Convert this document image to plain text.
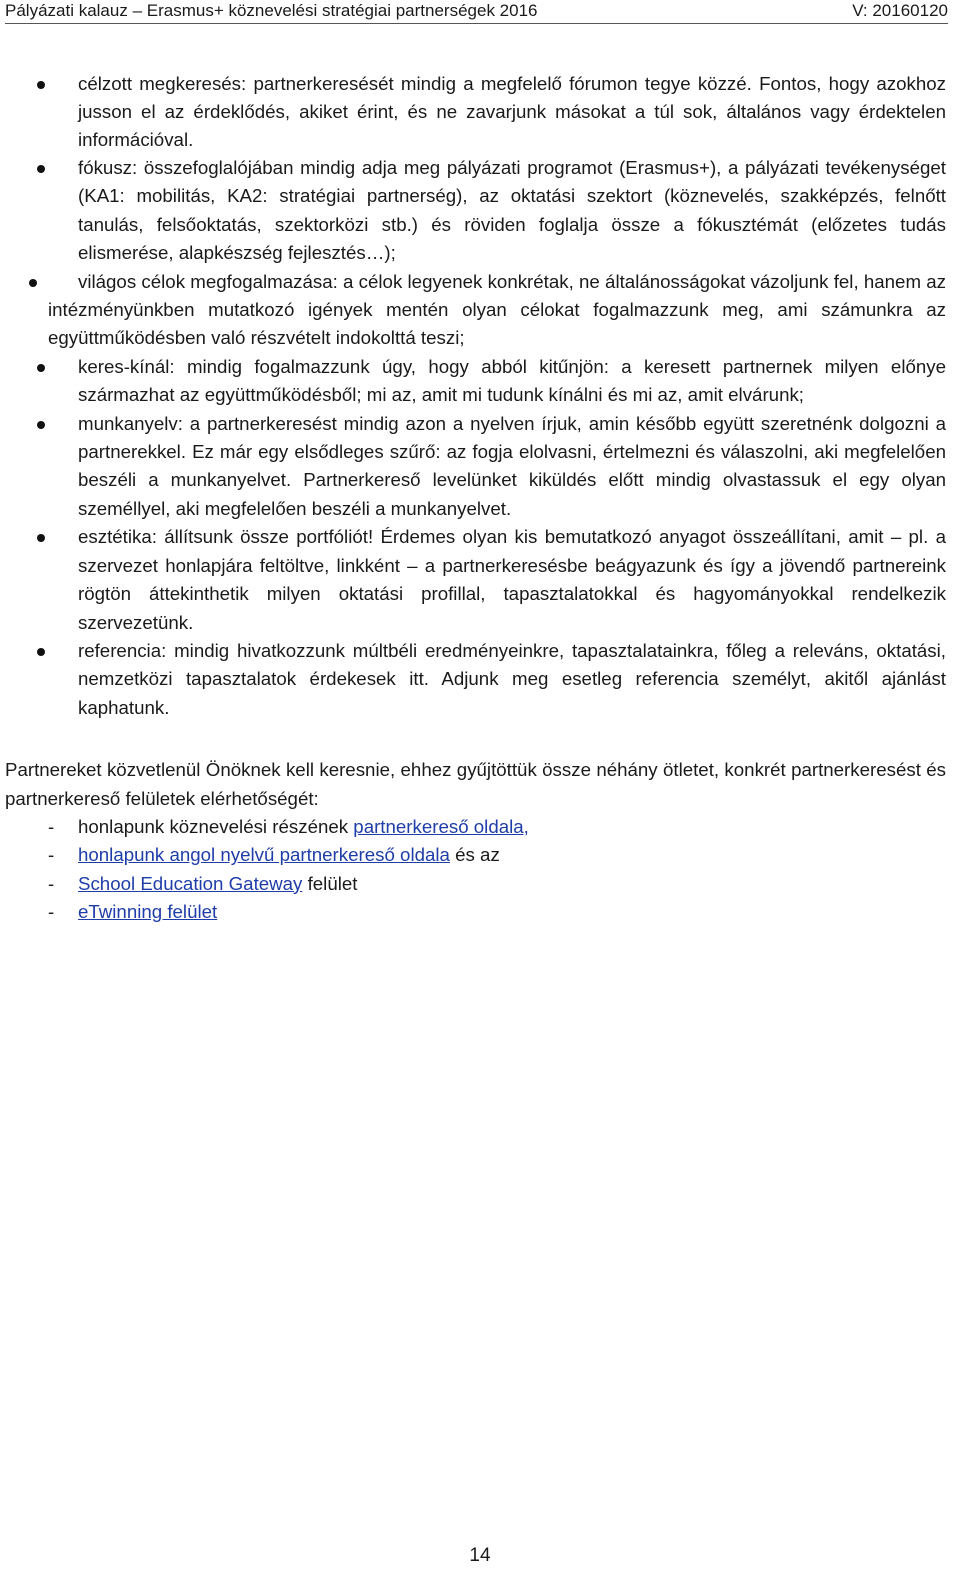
Pályázati kalauz – Erasmus+ köznevelési stratégiai partnerségek 2016	V: 20160120
célzott megkeresés: partnerkeresését mindig a megfelelő fórumon tegye közzé. Fontos, hogy azokhoz jusson el az érdeklődés, akiket érint, és ne zavarjunk másokat a túl sok, általános vagy érdektelen információval.
fókusz: összefoglalójában mindig adja meg pályázati programot (Erasmus+), a pályázati tevékenységet (KA1: mobilitás, KA2: stratégiai partnerség), az oktatási szektort (köznevelés, szakképzés, felnőtt tanulás, felsőoktatás, szektorközi stb.) és röviden foglalja össze a fókusztémát (előzetes tudás elismerése, alapkészség fejlesztés…);
világos célok megfogalmazása: a célok legyenek konkrétak, ne általánosságokat vázoljunk fel, hanem az intézményünkben mutatkozó igények mentén olyan célokat fogalmazzunk meg, ami számunkra az együttműködésben való részvételt indokolttá teszi;
keres-kínál: mindig fogalmazzunk úgy, hogy abból kitűnjön: a keresett partnernek milyen előnye származhat az együttműködésből; mi az, amit mi tudunk kínálni és mi az, amit elvárunk;
munkanyelv: a partnerkeresést mindig azon a nyelven írjuk, amin később együtt szeretnénk dolgozni a partnerekkel. Ez már egy elsődleges szűrő: az fogja elolvasni, értelmezni és válaszolni, aki megfelelően beszéli a munkanyelvet. Partnerkereső levelünket kiküldés előtt mindig olvastassuk el egy olyan személlyel, aki megfelelően beszéli a munkanyelvet.
esztétika: állítsunk össze portfóliót! Érdemes olyan kis bemutatkozó anyagot összeállítani, amit – pl. a szervezet honlapjára feltöltve, linkként – a partnerkeresésbe beágyazunk és így a jövendő partnereink rögtön áttekinthetik milyen oktatási profillal, tapasztalatokkal és hagyományokkal rendelkezik szervezetünk.
referencia: mindig hivatkozzunk múltbéli eredményeinkre, tapasztalatainkra, főleg a releváns, oktatási, nemzetközi tapasztalatok érdekesek itt. Adjunk meg esetleg referencia személyt, akitől ajánlást kaphatunk.
Partnereket közvetlenül Önöknek kell keresnie, ehhez gyűjtöttük össze néhány ötletet, konkrét partnerkeresést és partnerkereső felületek elérhetőségét:
- honlapunk köznevelési részének partnerkereső oldala,
- honlapunk angol nyelvű partnerkereső oldala és az
- School Education Gateway felület
- eTwinning felület
14
